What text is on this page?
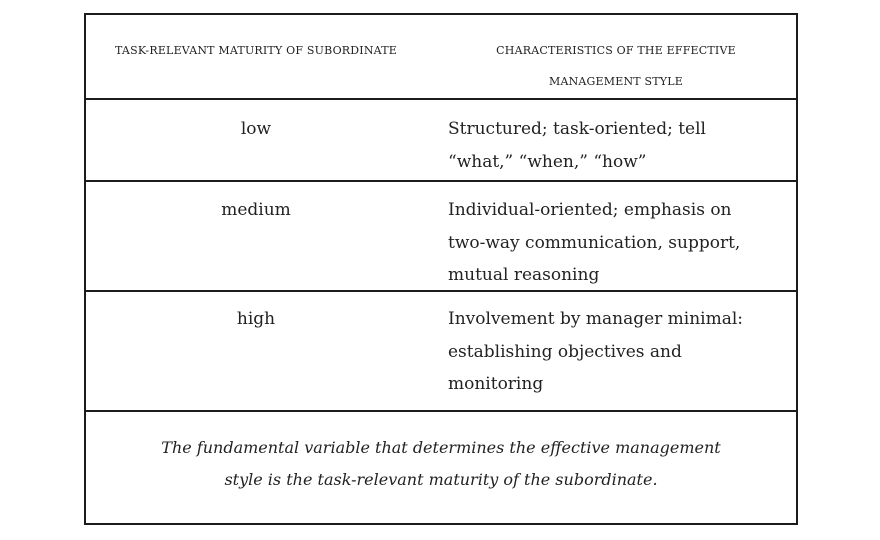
TASK-RELEVANT MATURITY OF SUBORDINATE	CHARACTERISTICS OF THE EFFECTIVE
MANAGEMENT STYLE
low	Structured; task-oriented; tell
“what,” “when,” “how”
medium	Individual-oriented; emphasis on
two-way communication, support,
mutual reasoning
high	Involvement by manager minimal:
establishing objectives and
monitoring
The fundamental variable that determines the effective management
style is the task-relevant maturity of the subordinate.
